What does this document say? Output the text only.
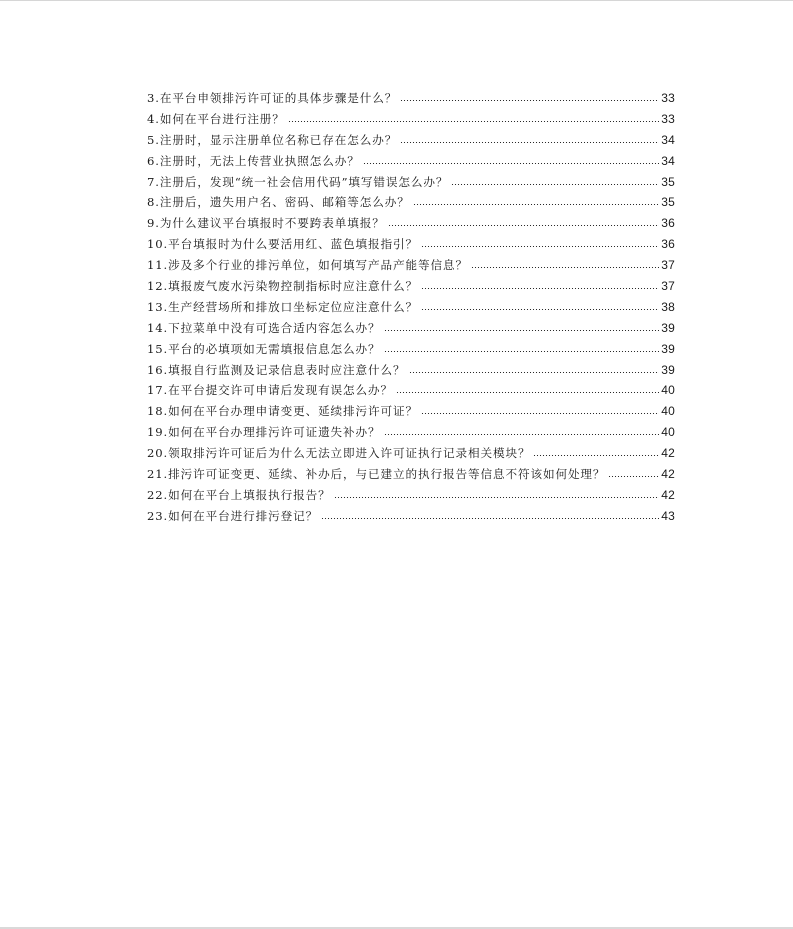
3.在平台申领排污许可证的具体步骤是什么？	33
4.如何在平台进行注册？	33
5.注册时，显示注册单位名称已存在怎么办？	34
6.注册时，无法上传营业执照怎么办？	34
7.注册后，发现“统一社会信用代码”填写错误怎么办？	35
8.注册后，遗失用户名、密码、邮箱等怎么办？	35
9.为什么建议平台填报时不要跨表单填报？	36
10.平台填报时为什么要活用红、蓝色填报指引？	36
11.涉及多个行业的排污单位，如何填写产品产能等信息？	37
12.填报废气废水污染物控制指标时应注意什么？	37
13.生产经营场所和排放口坐标定位应注意什么？	38
14.下拉菜单中没有可选合适内容怎么办？	39
15.平台的必填项如无需填报信息怎么办？	39
16.填报自行监测及记录信息表时应注意什么？	39
17.在平台提交许可申请后发现有误怎么办？	40
18.如何在平台办理申请变更、延续排污许可证？	40
19.如何在平台办理排污许可证遗失补办？	40
20.领取排污许可证后为什么无法立即进入许可证执行记录相关模块？	42
21.排污许可证变更、延续、补办后，与已建立的执行报告等信息不符该如何处理？	42
22.如何在平台上填报执行报告？	42
23.如何在平台进行排污登记？	43
